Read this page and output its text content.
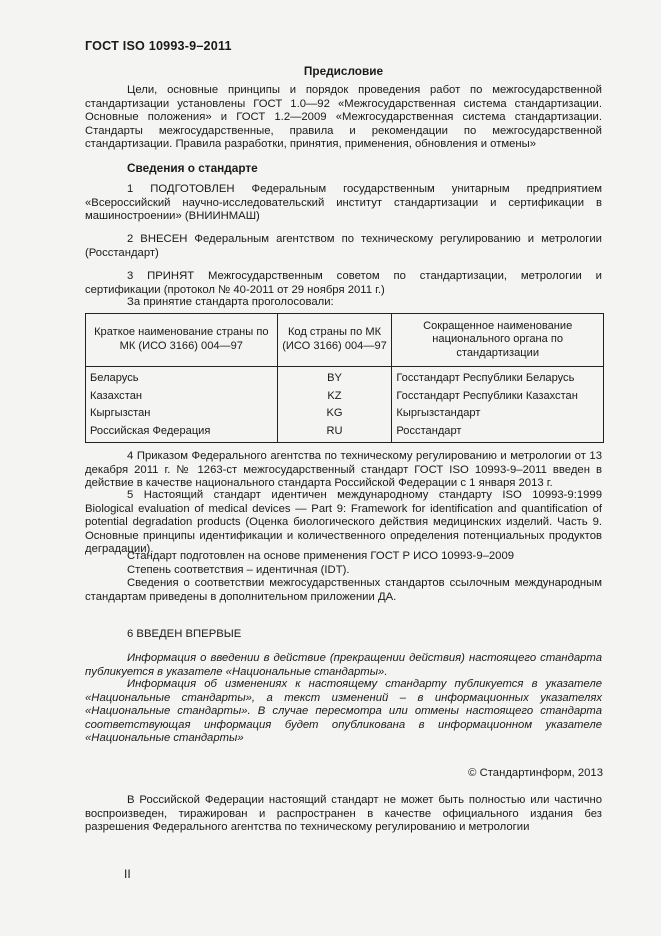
ГОСТ ISO 10993-9–2011
Предисловие
Цели, основные принципы и порядок проведения работ по межгосударственной стандартизации установлены ГОСТ 1.0—92 «Межгосударственная система стандартизации. Основные положения» и ГОСТ 1.2—2009 «Межгосударственная система стандартизации. Стандарты межгосударственные, правила и рекомендации по межгосударственной стандартизации. Правила разработки, принятия, применения, обновления и отмены»
Сведения о стандарте
1 ПОДГОТОВЛЕН Федеральным государственным унитарным предприятием «Всероссийский научно-исследовательский институт стандартизации и сертификации в машиностроении» (ВНИИНМАШ)
2 ВНЕСЕН Федеральным агентством по техническому регулированию и метрологии (Росстандарт)
3 ПРИНЯТ Межгосударственным советом по стандартизации, метрологии и сертификации (протокол № 40-2011 от 29 ноября 2011 г.)
За принятие стандарта проголосовали:
Краткое наименование страны по МК (ИСО 3166) 004—97	Код страны по МК (ИСО 3166) 004—97	Сокращенное наименование национального органа по стандартизации
Беларусь	BY	Госстандарт Республики Беларусь
Казахстан	KZ	Госстандарт Республики Казахстан
Кыргызстан	KG	Кыргызстандарт
Российская Федерация	RU	Росстандарт
4 Приказом Федерального агентства по техническому регулированию и метрологии от 13 декабря 2011 г. № 1263-ст межгосударственный стандарт ГОСТ ISO 10993-9–2011 введен в действие в качестве национального стандарта Российской Федерации с 1 января 2013 г.
5 Настоящий стандарт идентичен международному стандарту ISO 10993-9:1999 Biological evaluation of medical devices — Part 9: Framework for identification and quantification of potential degradation products (Оценка биологического действия медицинских изделий. Часть 9. Основные принципы идентификации и количественного определения потенциальных продуктов деградации).
Стандарт подготовлен на основе применения ГОСТ Р ИСО 10993-9–2009
Степень соответствия – идентичная (IDT).
Сведения о соответствии межгосударственных стандартов ссылочным международным стандартам приведены в дополнительном приложении ДА.
6 ВВЕДЕН ВПЕРВЫЕ
Информация о введении в действие (прекращении действия) настоящего стандарта публикуется в указателе «Национальные стандарты».
Информация об изменениях к настоящему стандарту публикуется в указателе «Национальные стандарты», а текст изменений – в информационных указателях «Национальные стандарты». В случае пересмотра или отмены настоящего стандарта соответствующая информация будет опубликована в информационном указателе «Национальные стандарты»
© Стандартинформ, 2013
В Российской Федерации настоящий стандарт не может быть полностью или частично воспроизведен, тиражирован и распространен в качестве официального издания без разрешения Федерального агентства по техническому регулированию и метрологии
II
